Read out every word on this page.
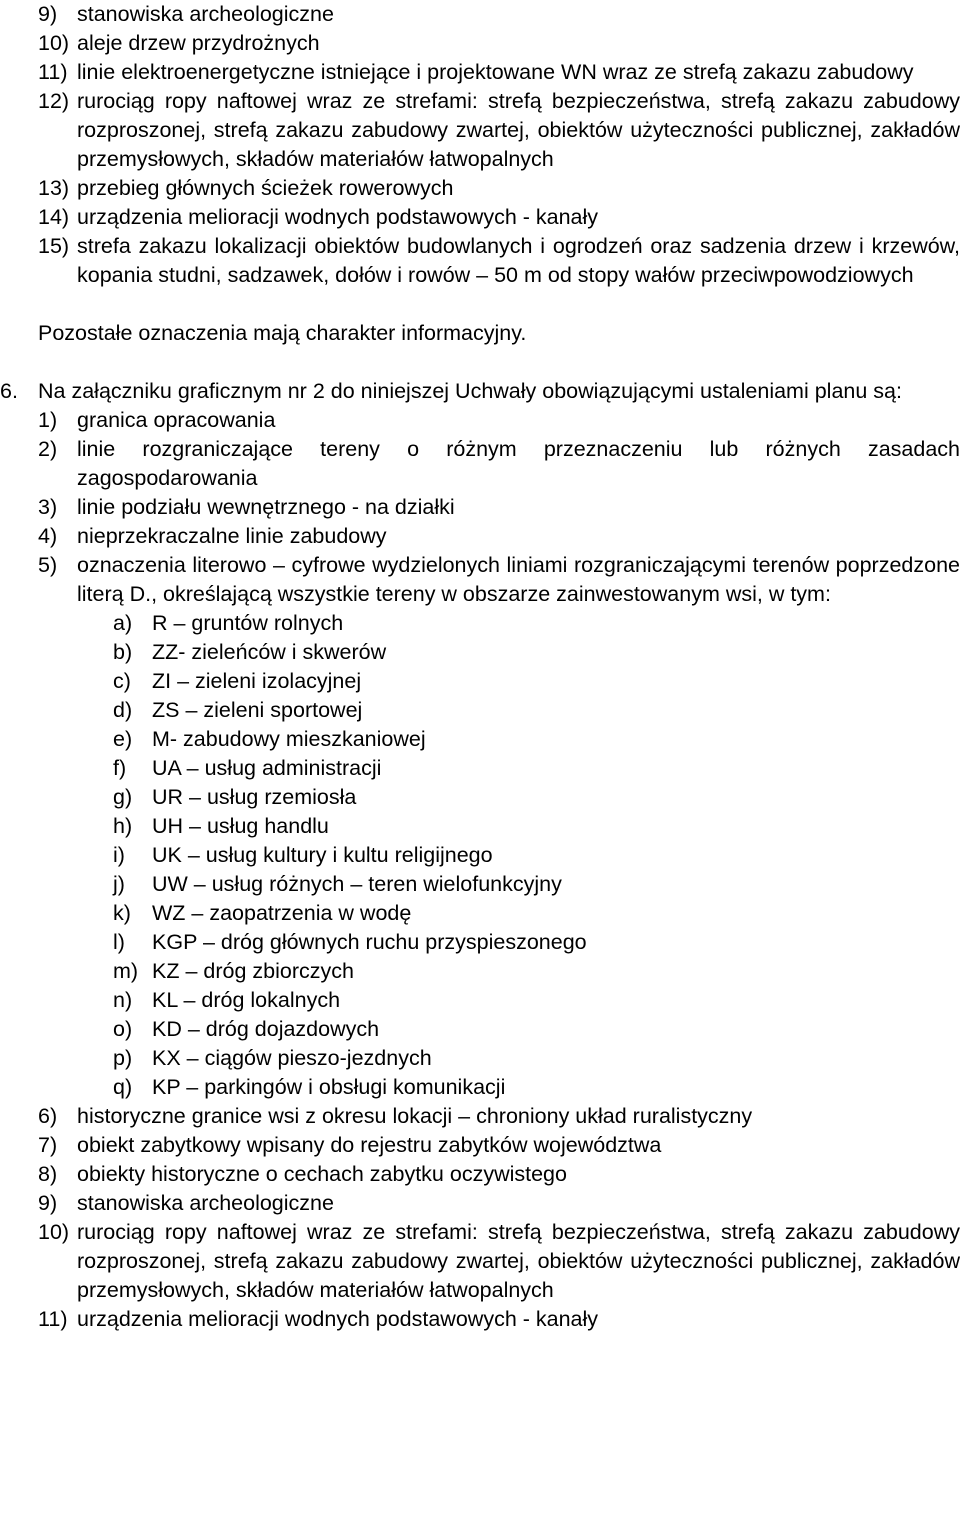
9) stanowiska archeologiczne
10) aleje drzew przydrożnych
11) linie elektroenergetyczne istniejące i projektowane WN wraz ze strefą zakazu zabudowy
12) rurociąg ropy naftowej wraz ze strefami: strefą bezpieczeństwa, strefą zakazu zabudowy rozproszonej, strefą zakazu zabudowy zwartej, obiektów użyteczności publicznej, zakładów przemysłowych, składów materiałów łatwopalnych
13) przebieg głównych ścieżek rowerowych
14) urządzenia melioracji wodnych podstawowych - kanały
15) strefa zakazu lokalizacji obiektów budowlanych i ogrodzeń oraz sadzenia drzew i krzewów, kopania studni, sadzawek, dołów i rowów – 50 m od stopy wałów przeciwpowodziowych
Pozostałe oznaczenia mają charakter informacyjny.
6. Na załączniku graficznym nr 2 do niniejszej Uchwały obowiązującymi ustaleniami planu są:
1) granica opracowania
2) linie rozgraniczające tereny o różnym przeznaczeniu lub różnych zasadach zagospodarowania
3) linie podziału wewnętrznego - na działki
4) nieprzekraczalne linie zabudowy
5) oznaczenia literowo – cyfrowe wydzielonych liniami rozgraniczającymi terenów poprzedzone literą D., określającą wszystkie tereny w obszarze zainwestowanym wsi, w tym:
a) R – gruntów rolnych
b) ZZ- zieleńców i skwerów
c) ZI – zieleni izolacyjnej
d) ZS – zieleni sportowej
e) M- zabudowy mieszkaniowej
f) UA – usług administracji
g) UR – usług rzemiosła
h) UH – usług handlu
i) UK – usług kultury i kultu religijnego
j) UW – usług różnych – teren wielofunkcyjny
k) WZ – zaopatrzenia w wodę
l) KGP – dróg głównych ruchu przyspieszonego
m) KZ – dróg zbiorczych
n) KL – dróg lokalnych
o) KD – dróg dojazdowych
p) KX – ciągów pieszo-jezdnych
q) KP – parkingów i obsługi komunikacji
6) historyczne granice wsi z okresu lokacji – chroniony układ ruralistyczny
7) obiekt zabytkowy wpisany do rejestru zabytków województwa
8) obiekty historyczne o cechach zabytku oczywistego
9) stanowiska archeologiczne
10) rurociąg ropy naftowej wraz ze strefami: strefą bezpieczeństwa, strefą zakazu zabudowy rozproszonej, strefą zakazu zabudowy zwartej, obiektów użyteczności publicznej, zakładów przemysłowych, składów materiałów łatwopalnych
11) urządzenia melioracji wodnych podstawowych - kanały
